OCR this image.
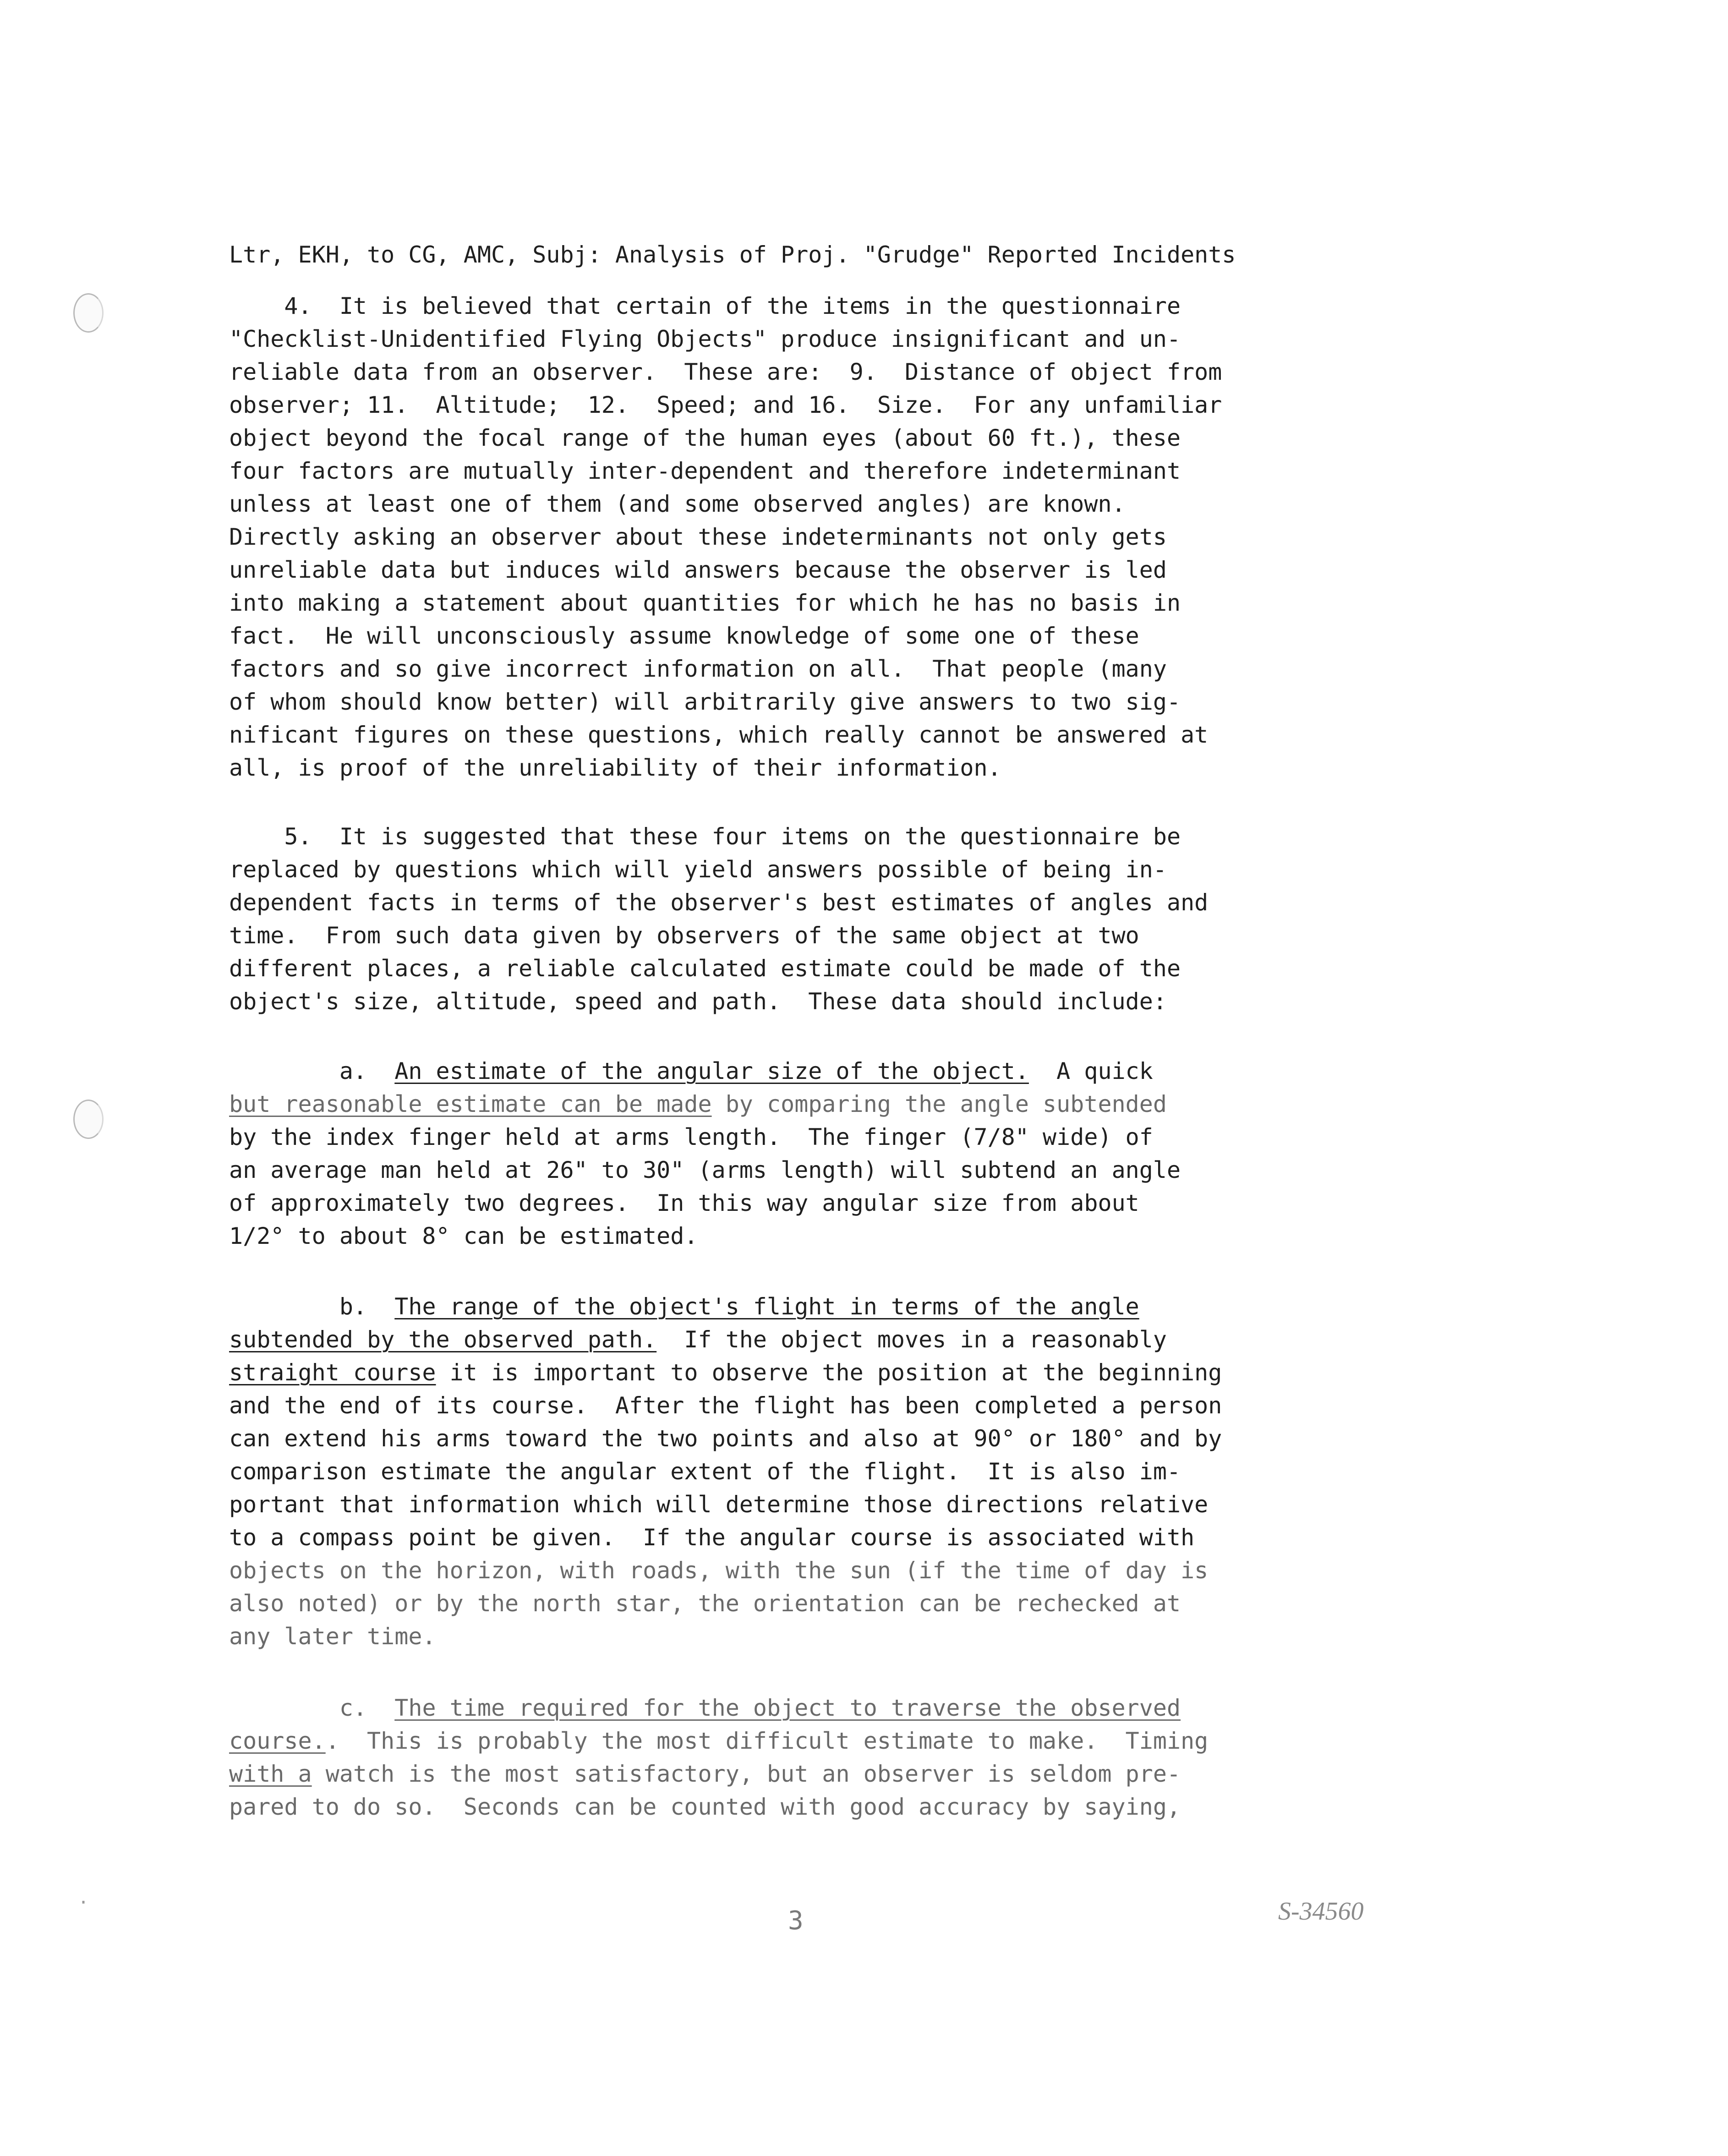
·
Ltr, EKH, to CG, AMC, Subj: Analysis of Proj. "Grudge" Reported Incidents
4.  It is believed that certain of the items in the questionnaire
"Checklist-Unidentified Flying Objects" produce insignificant and un-
reliable data from an observer.  These are:  9.  Distance of object from
observer; 11.  Altitude;  12.  Speed; and 16.  Size.  For any unfamiliar
object beyond the focal range of the human eyes (about 60 ft.), these
four factors are mutually inter-dependent and therefore indeterminant
unless at least one of them (and some observed angles) are known.
Directly asking an observer about these indeterminants not only gets
unreliable data but induces wild answers because the observer is led
into making a statement about quantities for which he has no basis in
fact.  He will unconsciously assume knowledge of some one of these
factors and so give incorrect information on all.  That people (many
of whom should know better) will arbitrarily give answers to two sig-
nificant figures on these questions, which really cannot be answered at
all, is proof of the unreliability of their information.
5.  It is suggested that these four items on the questionnaire be
replaced by questions which will yield answers possible of being in-
dependent facts in terms of the observer's best estimates of angles and
time.  From such data given by observers of the same object at two
different places, a reliable calculated estimate could be made of the
object's size, altitude, speed and path.  These data should include:
a.  An estimate of the angular size of the object.  A quick
but reasonable estimate can be made by comparing the angle subtended
by the index finger held at arms length.  The finger (7/8" wide) of
an average man held at 26" to 30" (arms length) will subtend an angle
of approximately two degrees.  In this way angular size from about
1/2° to about 8° can be estimated.
b.  The range of the object's flight in terms of the angle
subtended by the observed path.  If the object moves in a reasonably
straight course it is important to observe the position at the beginning
and the end of its course.  After the flight has been completed a person
can extend his arms toward the two points and also at 90° or 180° and by
comparison estimate the angular extent of the flight.  It is also im-
portant that information which will determine those directions relative
to a compass point be given.  If the angular course is associated with
objects on the horizon, with roads, with the sun (if the time of day is
also noted) or by the north star, the orientation can be rechecked at
any later time.
c.  The time required for the object to traverse the observed
course..  This is probably the most difficult estimate to make.  Timing
with a watch is the most satisfactory, but an observer is seldom pre-
pared to do so.  Seconds can be counted with good accuracy by saying,
3	S-34560
